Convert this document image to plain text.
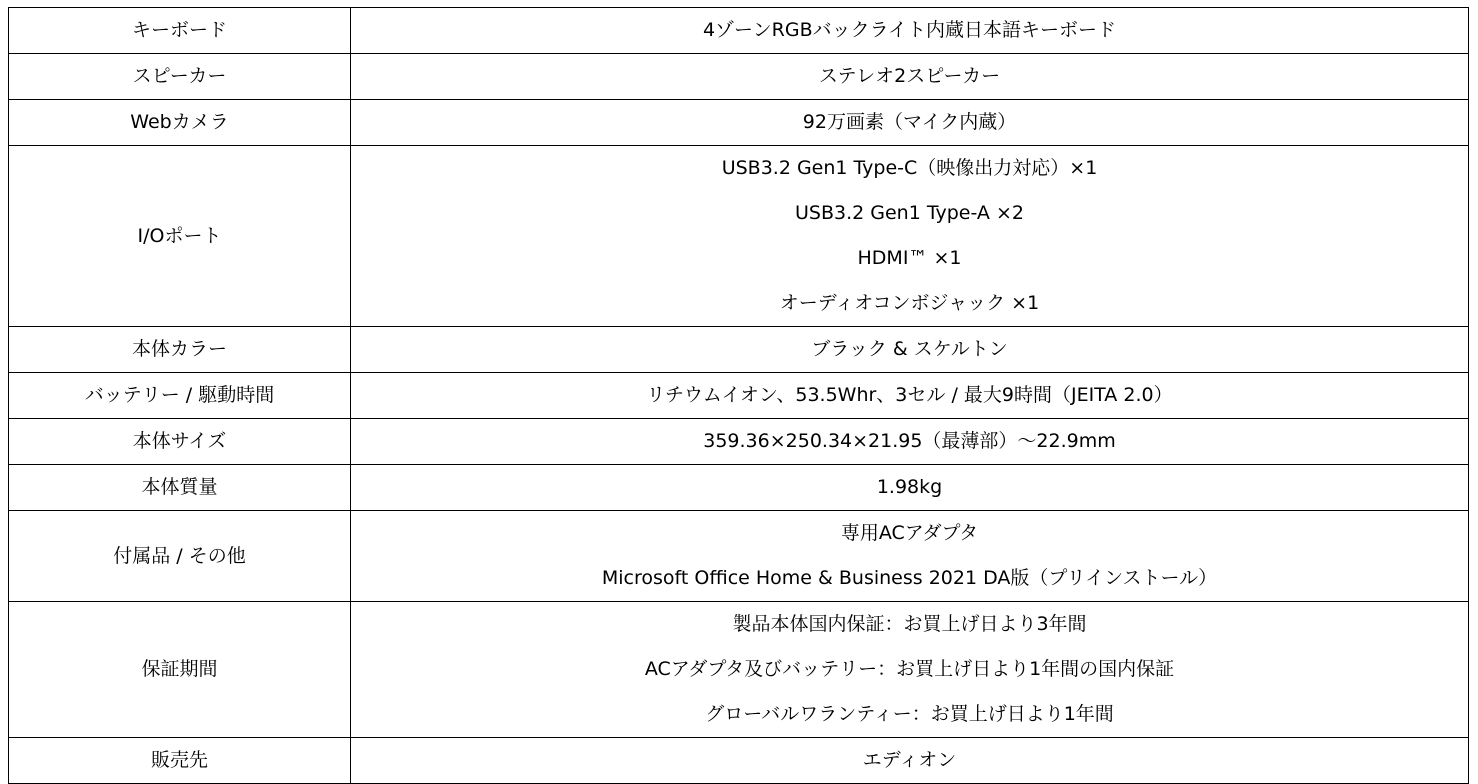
キーボード	4ゾーンRGBバックライト内蔵日本語キーボード

スピーカー	ステレオ2スピーカー

Webカメラ	92万画素（マイク内蔵）

I/Oポート	USB3.2 Gen1 Type-C（映像出力対応）×1
USB3.2 Gen1 Type-A ×2
HDMI™ ×1
オーディオコンボジャック ×1

本体カラー	ブラック & スケルトン

バッテリー / 駆動時間	リチウムイオン、53.5Whr、3セル / 最大9時間（JEITA 2.0）

本体サイズ	359.36×250.34×21.95（最薄部）～22.9mm

本体質量	1.98kg

付属品 / その他	専用ACアダプタ
Microsoft Office Home & Business 2021 DA版（プリインストール）

保証期間	製品本体国内保証：お買上げ日より3年間
ACアダプタ及びバッテリー：お買上げ日より1年間の国内保証
グローバルワランティー：お買上げ日より1年間

販売先	エディオン
